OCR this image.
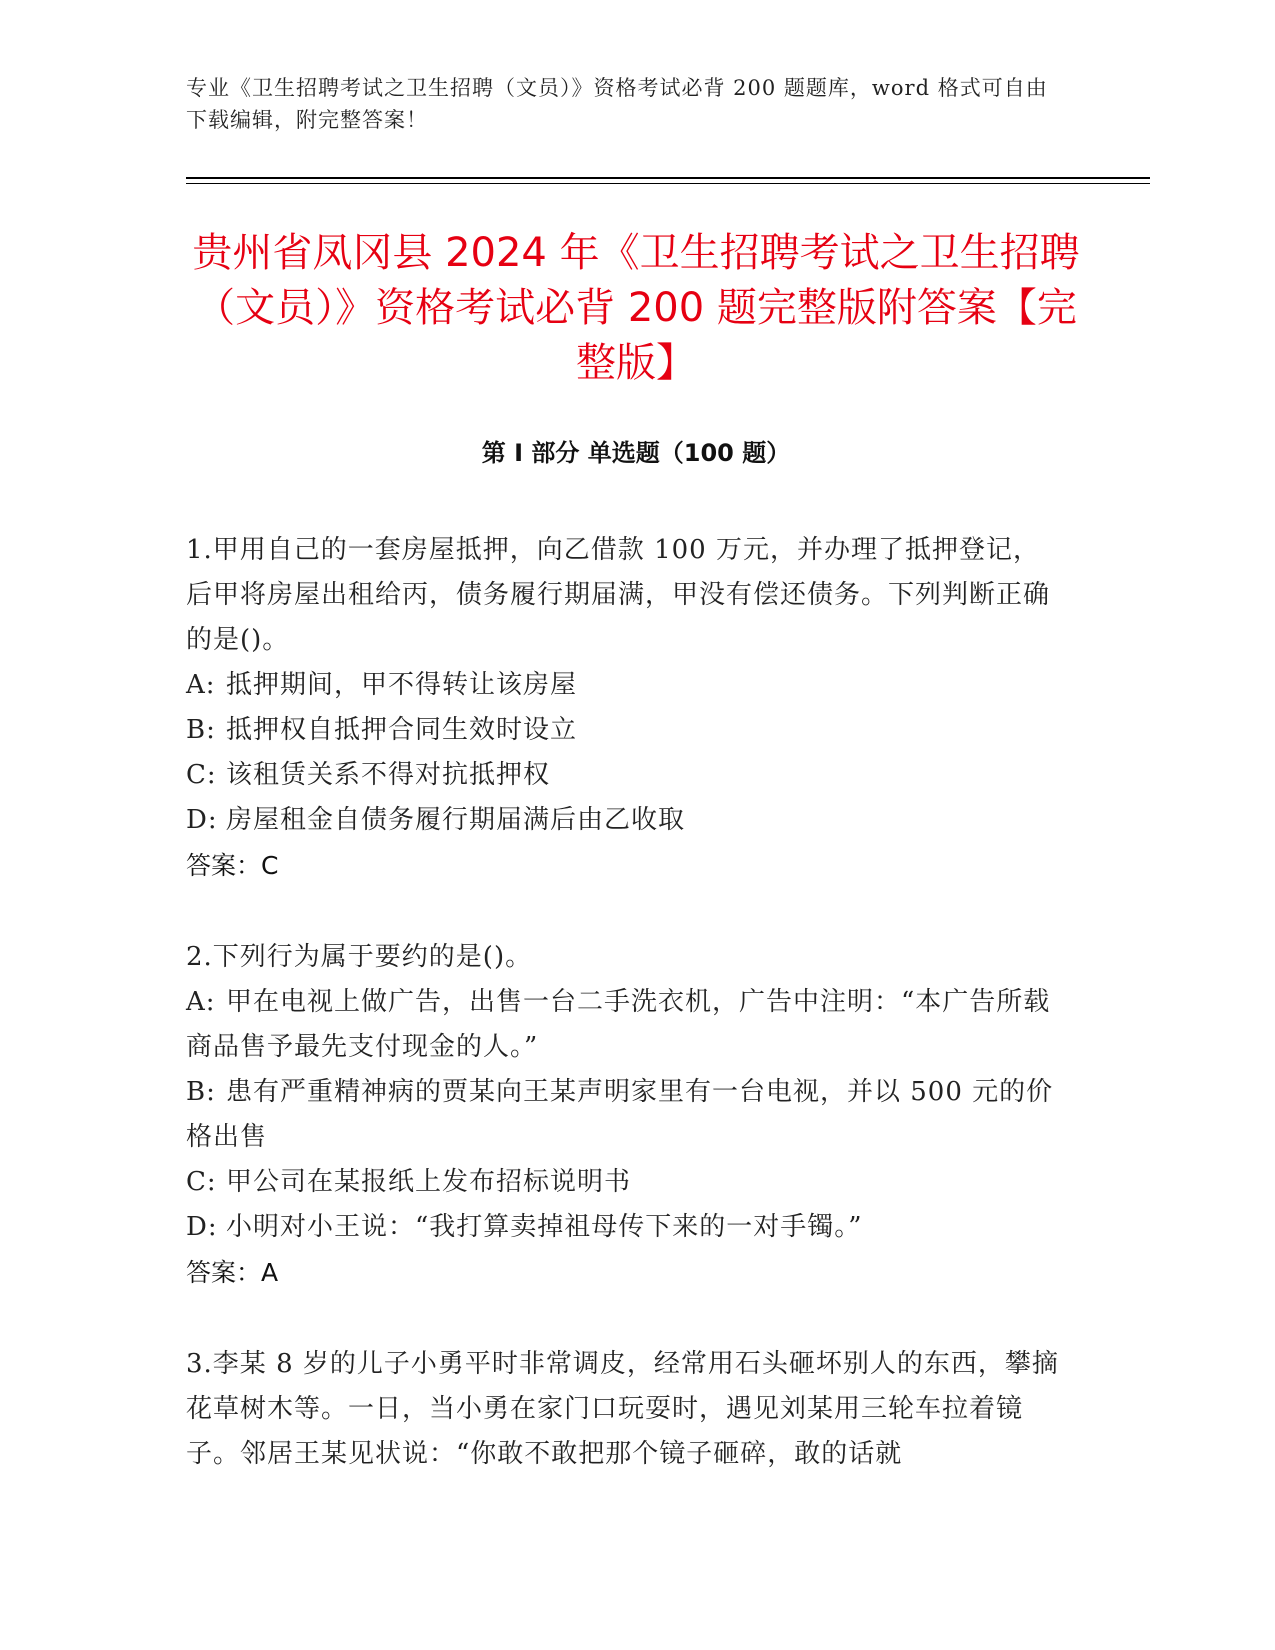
专业《卫生招聘考试之卫生招聘（文员）》资格考试必背 200 题题库，word 格式可自由下载编辑，附完整答案！
贵州省凤冈县 2024 年《卫生招聘考试之卫生招聘（文员）》资格考试必背 200 题完整版附答案【完整版】
第 I 部分 单选题（100 题）

1.甲用自己的一套房屋抵押，向乙借款 100 万元，并办理了抵押登记，后甲将房屋出租给丙，债务履行期届满，甲没有偿还债务。下列判断正确的是()。

A: 抵押期间，甲不得转让该房屋

B: 抵押权自抵押合同生效时设立

C: 该租赁关系不得对抗抵押权

D: 房屋租金自债务履行期届满后由乙收取

答案：C

2.下列行为属于要约的是()。

A: 甲在电视上做广告，出售一台二手洗衣机，广告中注明：“本广告所载商品售予最先支付现金的人。”

B: 患有严重精神病的贾某向王某声明家里有一台电视，并以 500 元的价格出售

C: 甲公司在某报纸上发布招标说明书

D: 小明对小王说：“我打算卖掉祖母传下来的一对手镯。”

答案：A

3.李某 8 岁的儿子小勇平时非常调皮，经常用石头砸坏别人的东西，攀摘花草树木等。一日，当小勇在家门口玩耍时，遇见刘某用三轮车拉着镜子。邻居王某见状说：“你敢不敢把那个镜子砸碎，敢的话就
